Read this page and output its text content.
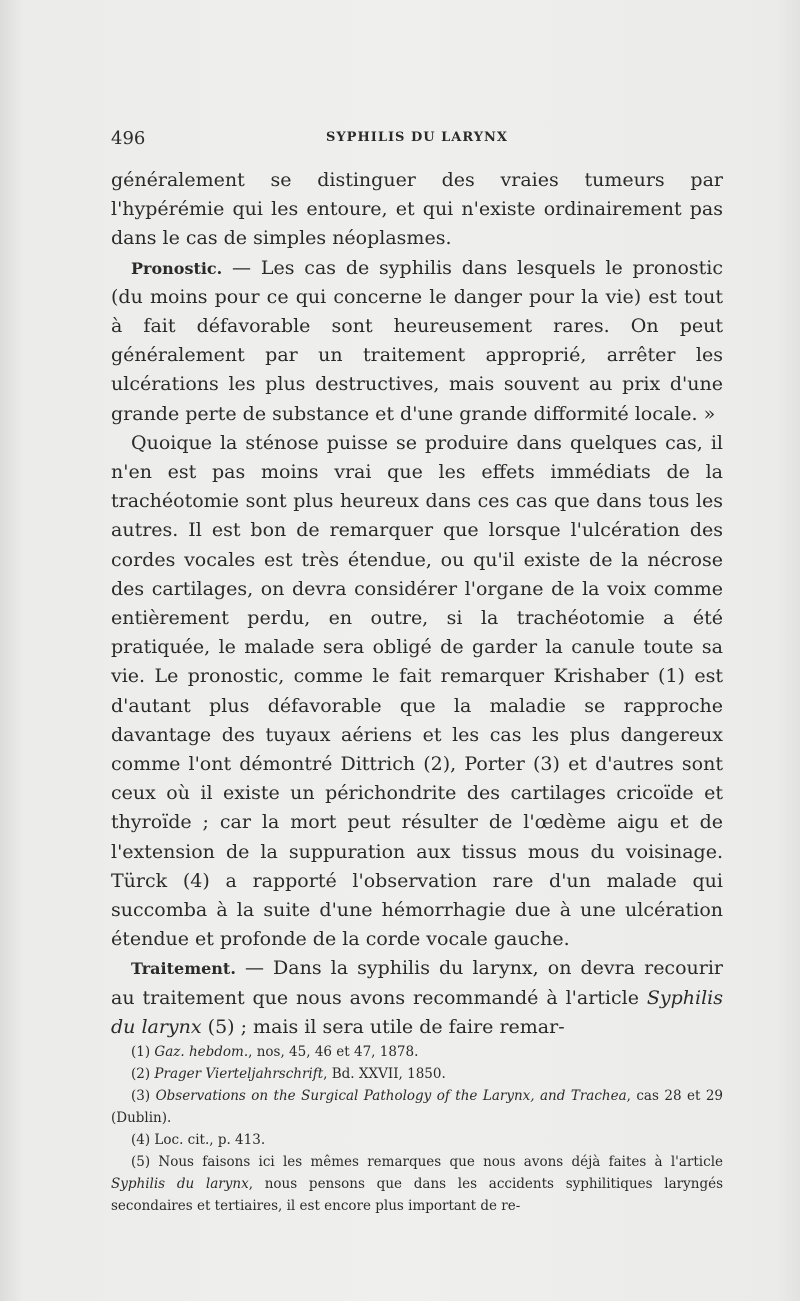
496	SYPHILIS DU LARYNX

généralement se distinguer des vraies tumeurs par l'hypérémie qui les entoure, et qui n'existe ordinairement pas dans le cas de simples néoplasmes.

Pronostic. — Les cas de syphilis dans lesquels le pronostic (du moins pour ce qui concerne le danger pour la vie) est tout à fait défavorable sont heureusement rares. On peut généralement par un traitement approprié, arrêter les ulcérations les plus destructives, mais souvent au prix d'une grande perte de substance et d'une grande difformité locale. »

Quoique la sténose puisse se produire dans quelques cas, il n'en est pas moins vrai que les effets immédiats de la trachéotomie sont plus heureux dans ces cas que dans tous les autres. Il est bon de remarquer que lorsque l'ulcération des cordes vocales est très étendue, ou qu'il existe de la nécrose des cartilages, on devra considérer l'organe de la voix comme entièrement perdu, en outre, si la trachéotomie a été pratiquée, le malade sera obligé de garder la canule toute sa vie. Le pronostic, comme le fait remarquer Krishaber (1) est d'autant plus défavorable que la maladie se rapproche davantage des tuyaux aériens et les cas les plus dangereux comme l'ont démontré Dittrich (2), Porter (3) et d'autres sont ceux où il existe un périchondrite des cartilages cricoïde et thyroïde ; car la mort peut résulter de l'œdème aigu et de l'extension de la suppuration aux tissus mous du voisinage. Türck (4) a rapporté l'observation rare d'un malade qui succomba à la suite d'une hémorrhagie due à une ulcération étendue et profonde de la corde vocale gauche.

Traitement. — Dans la syphilis du larynx, on devra recourir au traitement que nous avons recommandé à l'article Syphilis du larynx (5) ; mais il sera utile de faire remar-

(1) Gaz. hebdom., nos, 45, 46 et 47, 1878.

(2) Prager Vierteljahrschrift, Bd. XXVII, 1850.

(3) Observations on the Surgical Pathology of the Larynx, and Trachea, cas 28 et 29 (Dublin).

(4) Loc. cit., p. 413.

(5) Nous faisons ici les mêmes remarques que nous avons déjà faites à l'article Syphilis du larynx, nous pensons que dans les accidents syphilitiques laryngés secondaires et tertiaires, il est encore plus important de re-
